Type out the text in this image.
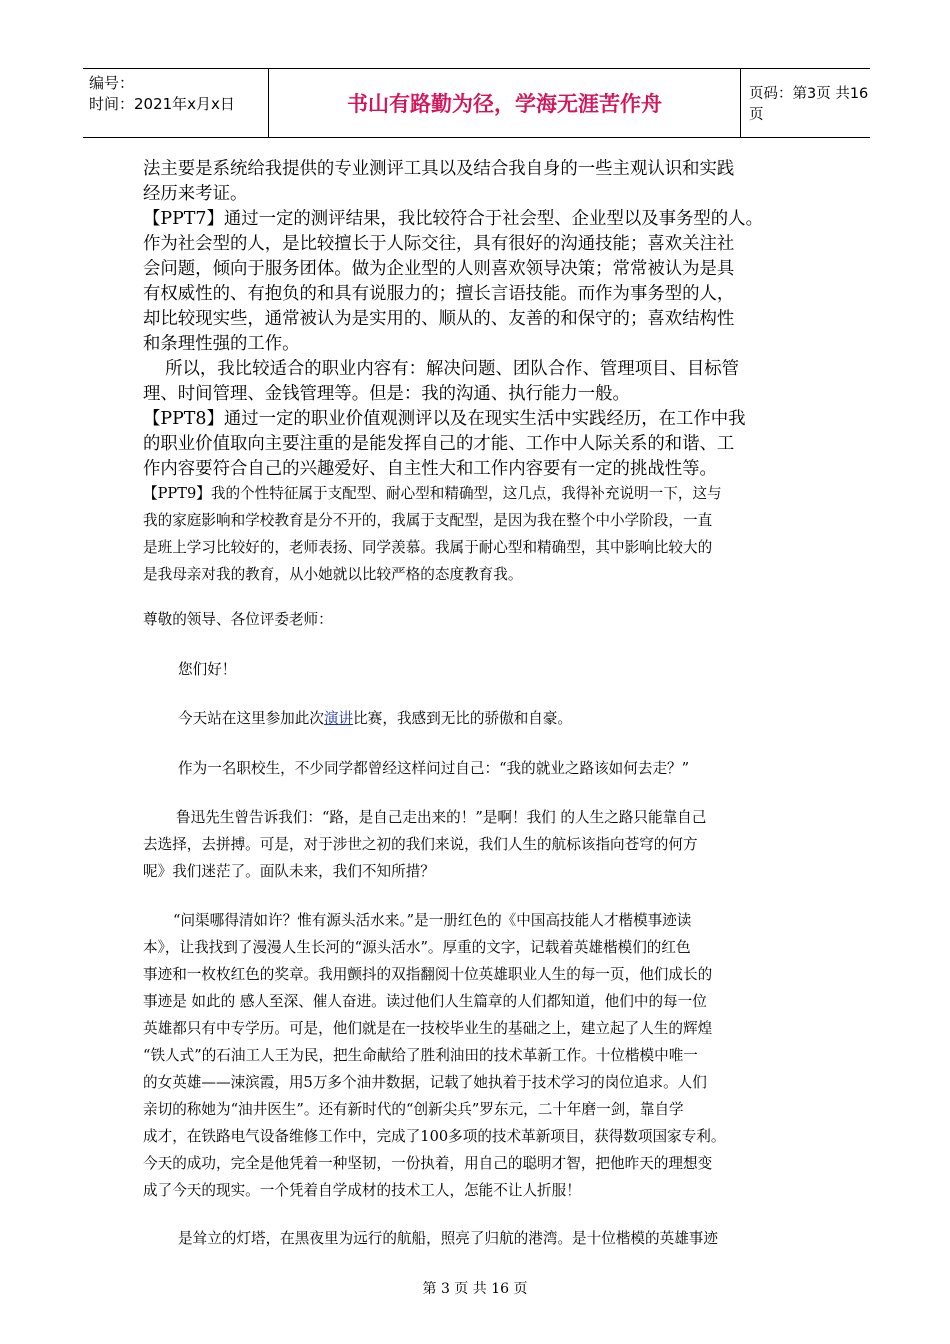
编号：
时间：2021年x月x日	书山有路勤为径，学海无涯苦作舟	页码：第3页 共16页

法主要是系统给我提供的专业测评工具以及结合我自身的一些主观认识和实践

经历来考证。

【PPT7】通过一定的测评结果，我比较符合于社会型、企业型以及事务型的人。

作为社会型的人，是比较擅长于人际交往，具有很好的沟通技能；喜欢关注社

会问题，倾向于服务团体。做为企业型的人则喜欢领导决策；常常被认为是具

有权威性的、有抱负的和具有说服力的；擅长言语技能。而作为事务型的人，

却比较现实些，通常被认为是实用的、顺从的、友善的和保守的；喜欢结构性

和条理性强的工作。

所以，我比较适合的职业内容有：解决问题、团队合作、管理项目、目标管

理、时间管理、金钱管理等。但是：我的沟通、执行能力一般。

【PPT8】通过一定的职业价值观测评以及在现实生活中实践经历，在工作中我

的职业价值取向主要注重的是能发挥自己的才能、工作中人际关系的和谐、工

作内容要符合自己的兴趣爱好、自主性大和工作内容要有一定的挑战性等。

【PPT9】我的个性特征属于支配型、耐心型和精确型，这几点，我得补充说明一下，这与

我的家庭影响和学校教育是分不开的，我属于支配型，是因为我在整个中小学阶段，一直

是班上学习比较好的，老师表扬、同学羡慕。我属于耐心型和精确型，其中影响比较大的

是我母亲对我的教育，从小她就以比较严格的态度教育我。

尊敬的领导、各位评委老师：

您们好！

今天站在这里参加此次演讲比赛，我感到无比的骄傲和自豪。

作为一名职校生，不少同学都曾经这样问过自己：“我的就业之路该如何去走？”

鲁迅先生曾告诉我们：“路，是自己走出来的！”是啊！我们 的人生之路只能靠自己

去选择，去拼搏。可是，对于涉世之初的我们来说，我们人生的航标该指向苍穹的何方

呢》我们迷茫了。面队未来，我们不知所措？

“问渠哪得清如许？惟有源头活水来。”是一册红色的《中国高技能人才楷模事迹读

本》，让我找到了漫漫人生长河的“源头活水”。厚重的文字，记载着英雄楷模们的红色

事迹和一枚枚红色的奖章。我用颤抖的双指翻阅十位英雄职业人生的每一页，他们成长的

事迹是 如此的 感人至深、催人奋进。读过他们人生篇章的人们都知道，他们中的每一位

英雄都只有中专学历。可是，他们就是在一技校毕业生的基础之上，建立起了人生的辉煌

“铁人式”的石油工人王为民，把生命献给了胜利油田的技术革新工作。十位楷模中唯一

的女英雄——涑滨霞，用5万多个油井数据，记载了她执着于技术学习的岗位追求。人们

亲切的称她为“油井医生”。还有新时代的“创新尖兵”罗东元，二十年磨一剑，靠自学

成才，在铁路电气设备维修工作中，完成了100多项的技术革新项目，获得数项国家专利。

今天的成功，完全是他凭着一种坚韧，一份执着，用自己的聪明才智，把他昨天的理想变

成了今天的现实。一个凭着自学成材的技术工人，怎能不让人折服！

是耸立的灯塔，在黑夜里为远行的航船，照亮了归航的港湾。是十位楷模的英雄事迹

第 3 页 共 16 页
